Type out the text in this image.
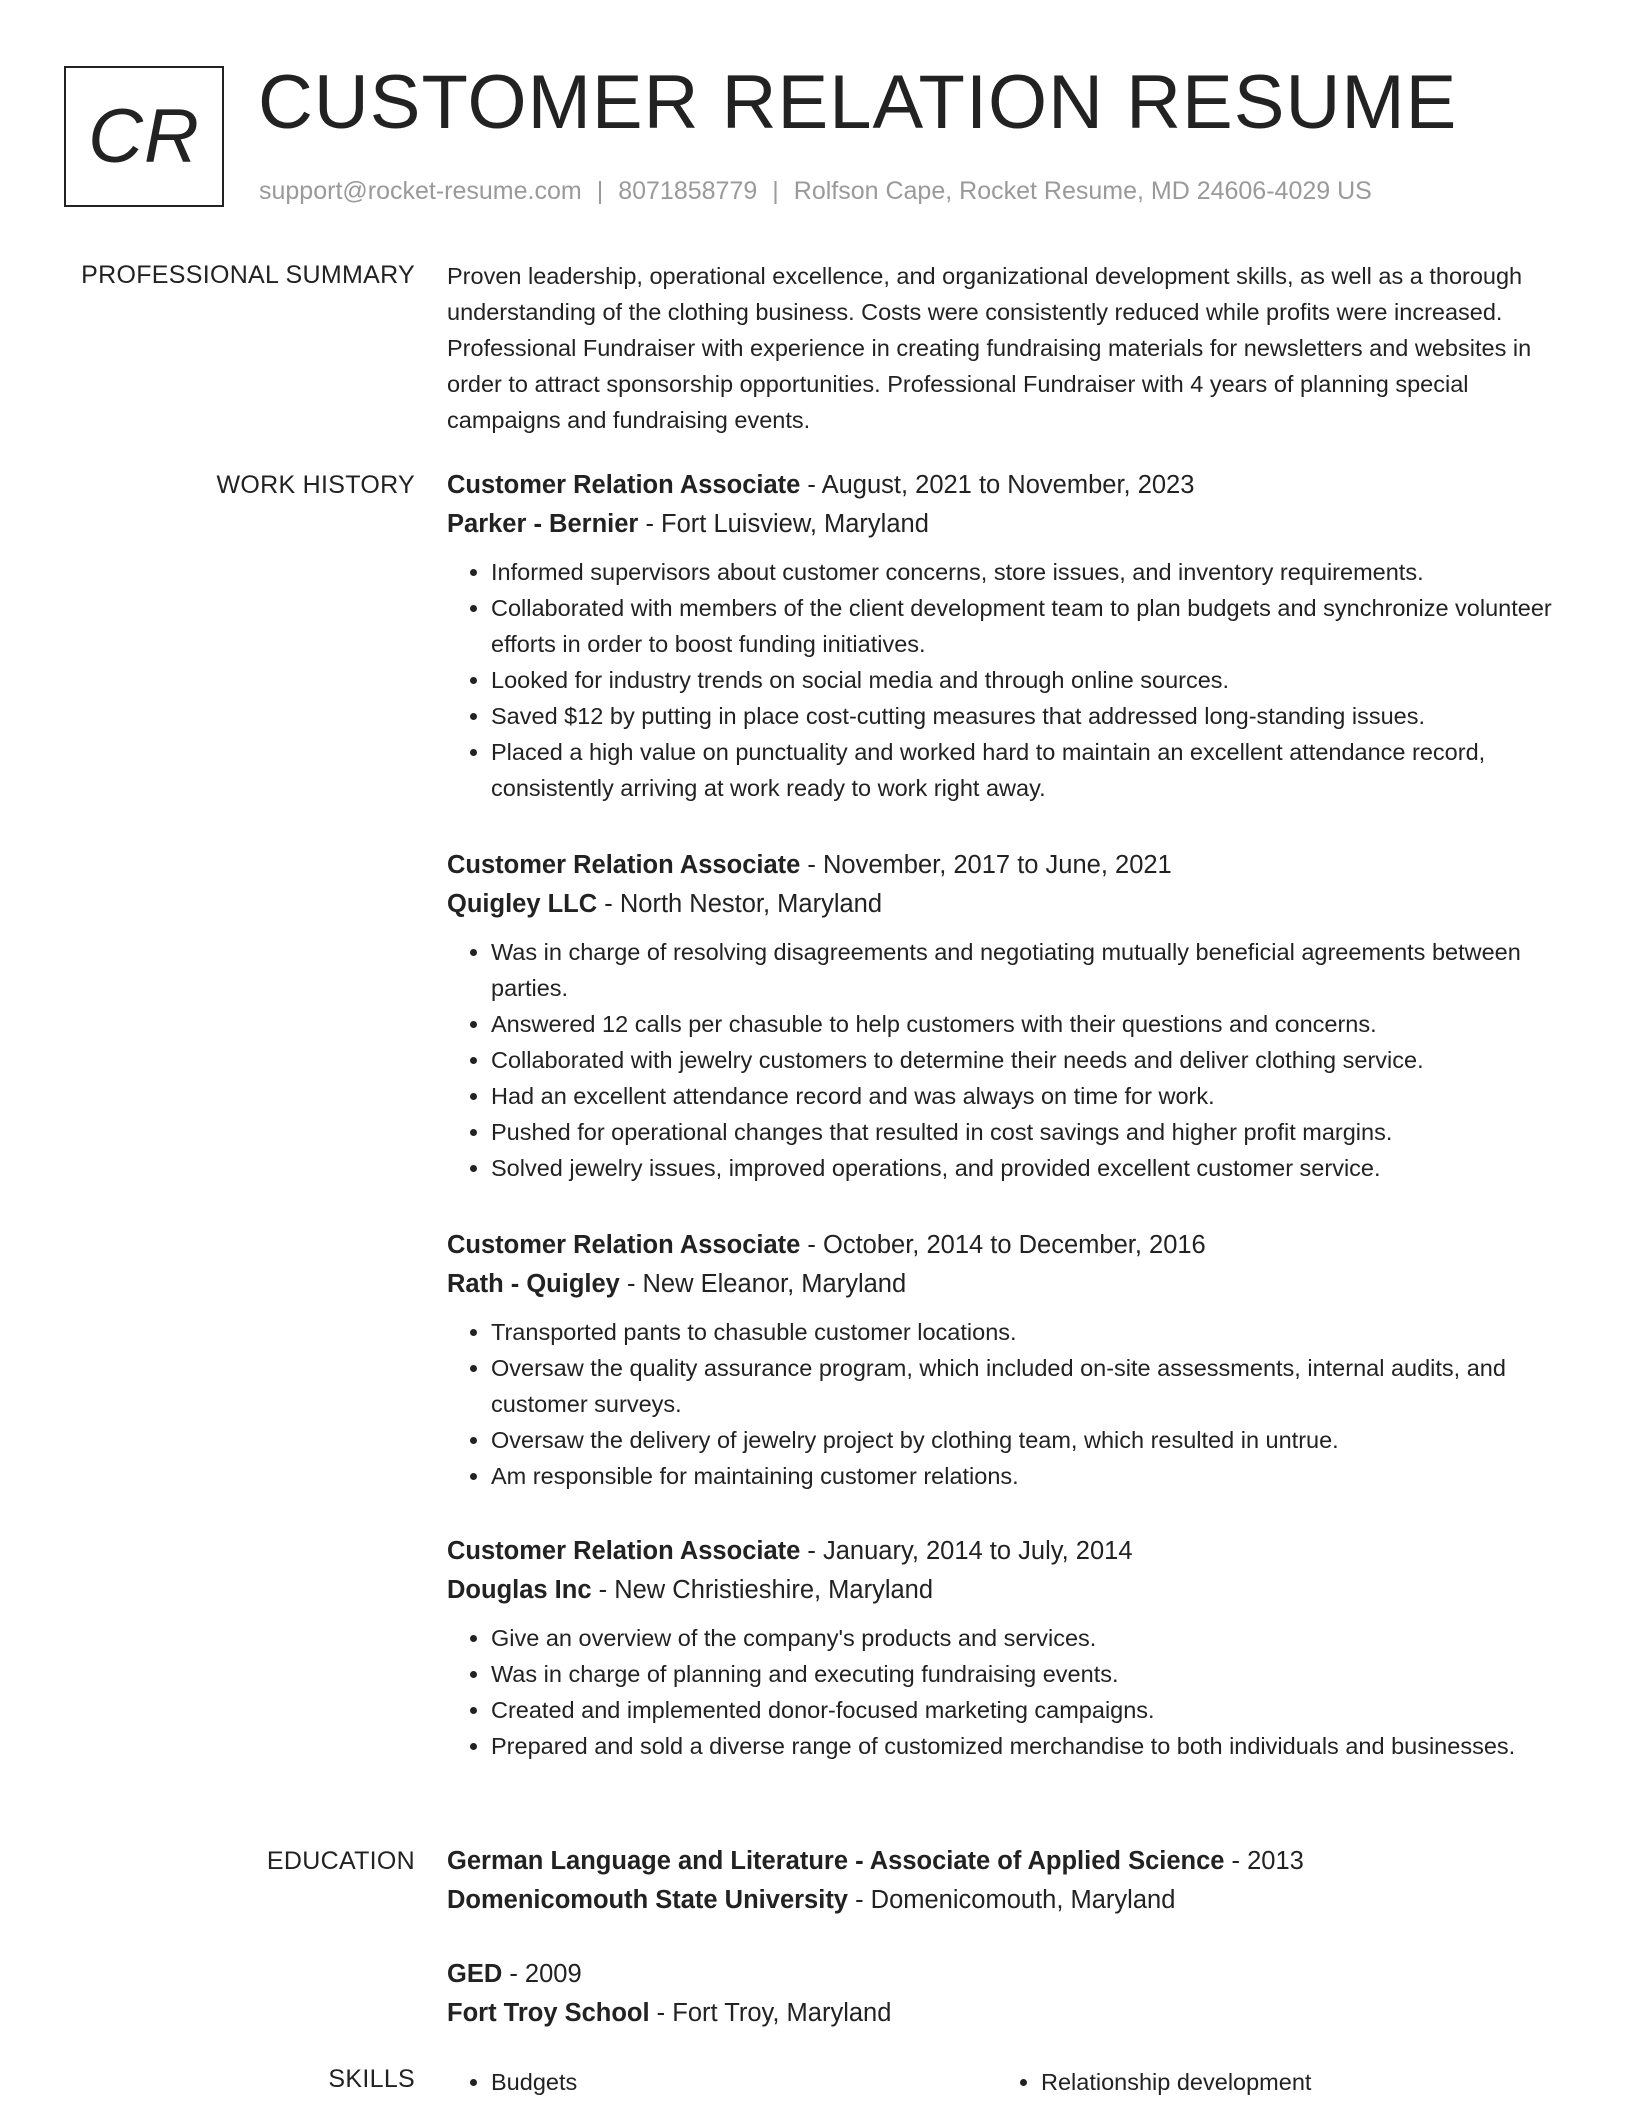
CR CUSTOMER RELATION RESUME
support@rocket-resume.com | 8071858779 | Rolfson Cape, Rocket Resume, MD 24606-4029 US
PROFESSIONAL SUMMARY Proven leadership, operational excellence, and organizational development skills, as well as a thorough understanding of the clothing business. Costs were consistently reduced while profits were increased. Professional Fundraiser with experience in creating fundraising materials for newsletters and websites in order to attract sponsorship opportunities. Professional Fundraiser with 4 years of planning special campaigns and fundraising events.

WORK HISTORY Customer Relation Associate - August, 2021 to November, 2023

Parker - Bernier - Fort Luisview, Maryland

• Informed supervisors about customer concerns, store issues, and inventory requirements.
• Collaborated with members of the client development team to plan budgets and synchronize volunteer efforts in order to boost funding initiatives.
• Looked for industry trends on social media and through online sources.
• Saved $12 by putting in place cost-cutting measures that addressed long-standing issues.
• Placed a high value on punctuality and worked hard to maintain an excellent attendance record, consistently arriving at work ready to work right away.

Customer Relation Associate - November, 2017 to June, 2021

Quigley LLC - North Nestor, Maryland

• Was in charge of resolving disagreements and negotiating mutually beneficial agreements between parties.
• Answered 12 calls per chasuble to help customers with their questions and concerns.
• Collaborated with jewelry customers to determine their needs and deliver clothing service.
• Had an excellent attendance record and was always on time for work.
• Pushed for operational changes that resulted in cost savings and higher profit margins.
• Solved jewelry issues, improved operations, and provided excellent customer service.

Customer Relation Associate - October, 2014 to December, 2016

Rath - Quigley - New Eleanor, Maryland

• Transported pants to chasuble customer locations.
• Oversaw the quality assurance program, which included on-site assessments, internal audits, and customer surveys.
• Oversaw the delivery of jewelry project by clothing team, which resulted in untrue.
• Am responsible for maintaining customer relations.

Customer Relation Associate - January, 2014 to July, 2014

Douglas Inc - New Christieshire, Maryland

• Give an overview of the company's products and services.
• Was in charge of planning and executing fundraising events.
• Created and implemented donor-focused marketing campaigns.
• Prepared and sold a diverse range of customized merchandise to both individuals and businesses.
EDUCATION German Language and Literature - Associate of Applied Science - 2013

Domenicomouth State University - Domenicomouth, Maryland

GED - 2009

Fort Troy School - Fort Troy, Maryland

SKILLS	• Budgets	• Relationship development
